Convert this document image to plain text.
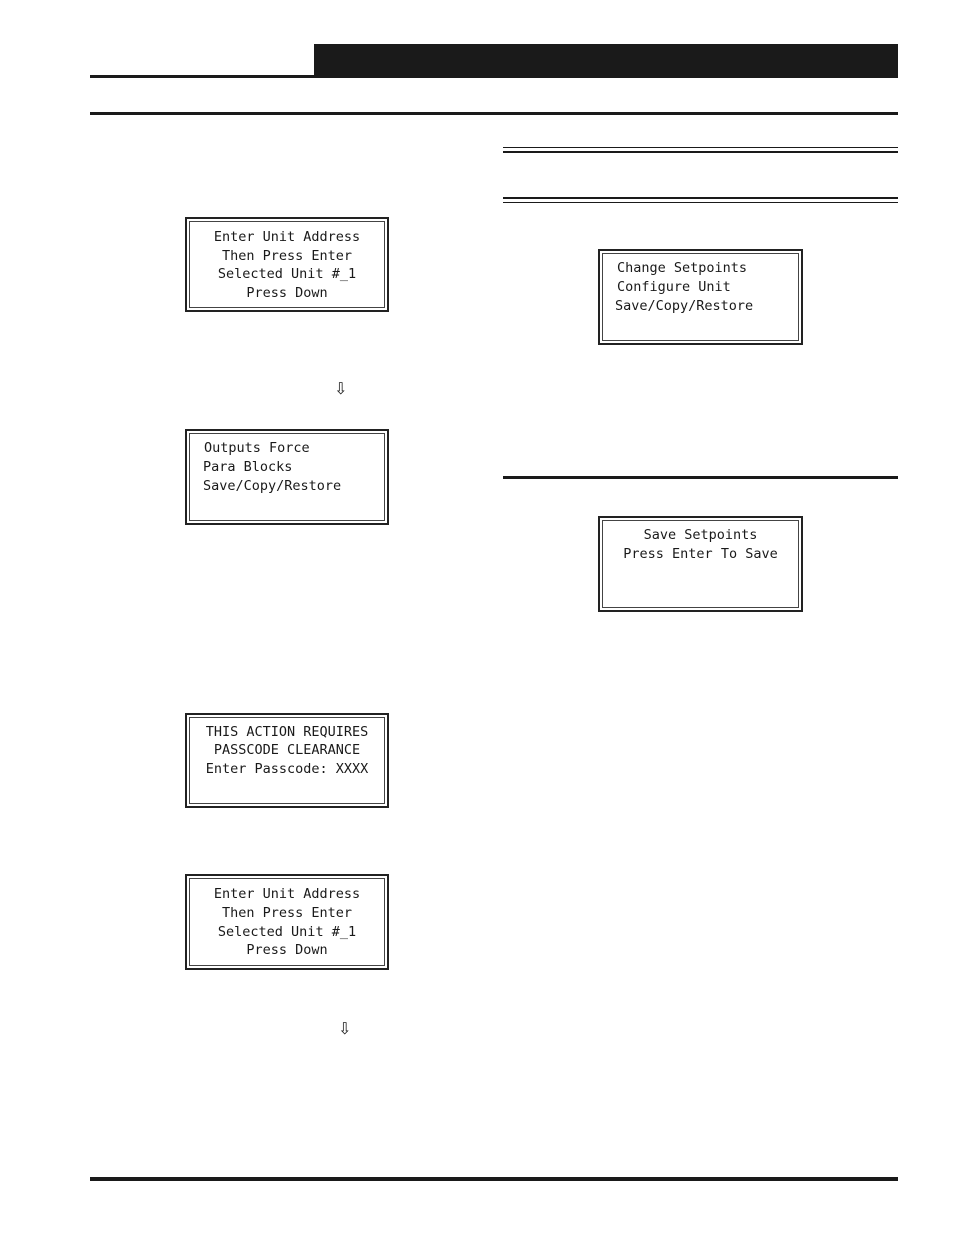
Enter Unit Address
Then Press Enter
Selected Unit #_1
Press Down
⇩
Outputs Force
Para Blocks
Save/Copy/Restore
THIS ACTION REQUIRES
PASSCODE CLEARANCE
Enter Passcode: XXXX
Enter Unit Address
Then Press Enter
Selected Unit #_1
Press Down
⇩
Change Setpoints
Configure Unit
Save/Copy/Restore
Save Setpoints
Press Enter To Save
